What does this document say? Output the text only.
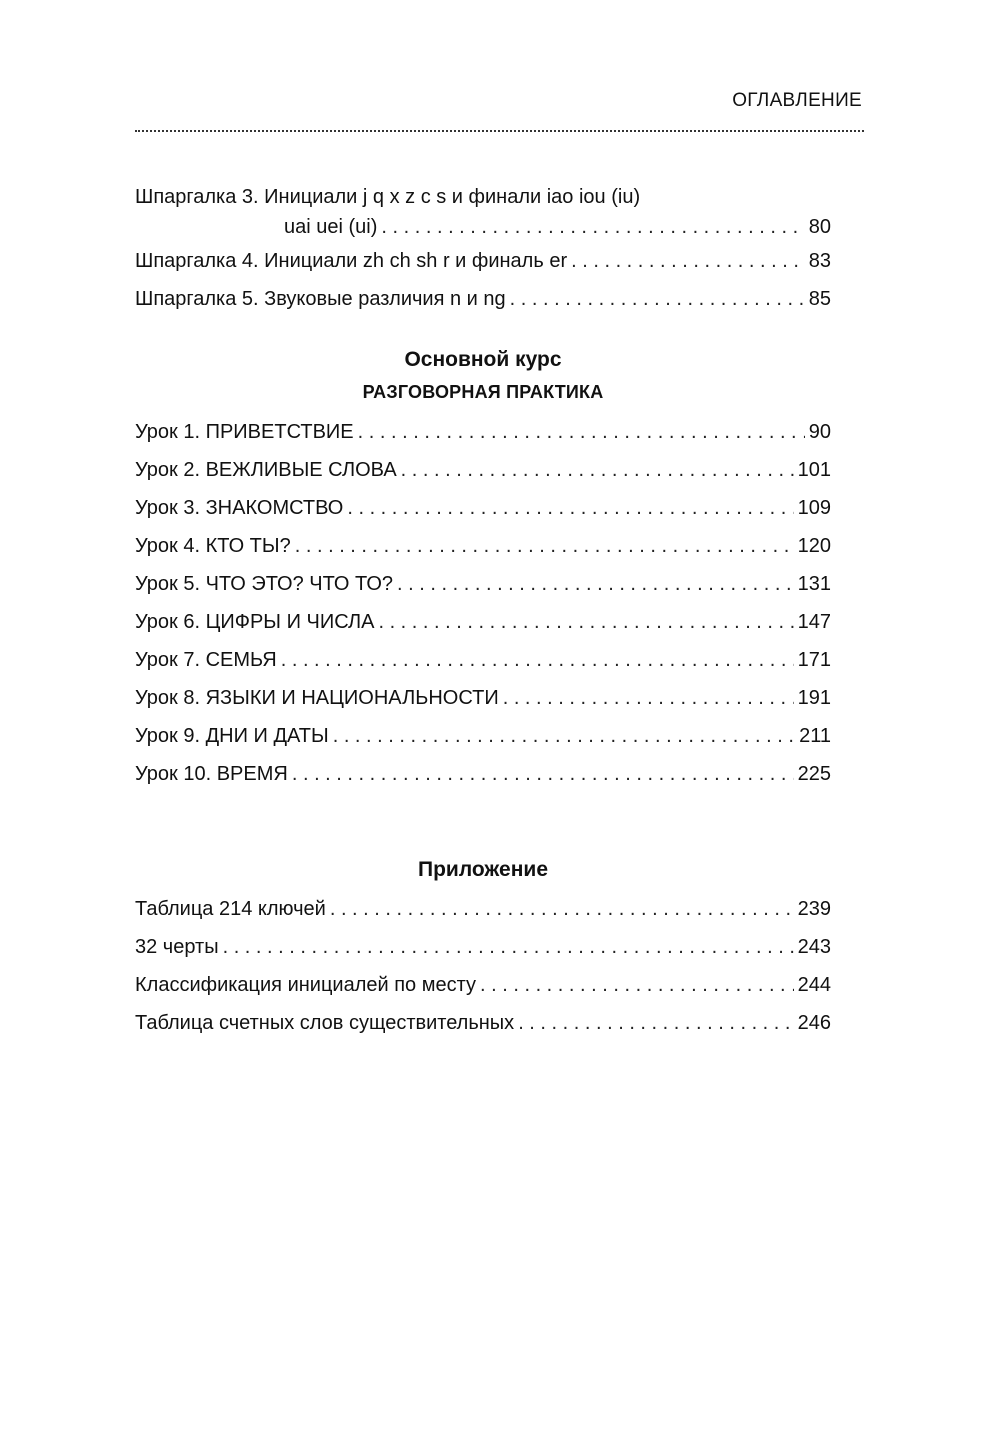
ОГЛАВЛЕНИЕ
Шпаргалка 3. Инициали j q x z c s и финали iao iou (iu)
uai uei (ui) . . .	80
Шпаргалка 4. Инициали zh ch sh r и финаль er . . .	83
Шпаргалка 5. Звуковые различия n и ng . . .	85
Основной курс
РАЗГОВОРНАЯ ПРАКТИКА
Урок 1. ПРИВЕТСТВИЕ . . .	90
Урок 2. ВЕЖЛИВЫЕ СЛОВА . . .	101
Урок 3. ЗНАКОМСТВО . . .	109
Урок 4. КТО ТЫ? . . .	120
Урок 5. ЧТО ЭТО? ЧТО ТО? . . .	131
Урок 6. ЦИФРЫ И ЧИСЛА . . .	147
Урок 7. СЕМЬЯ . . .	171
Урок 8. ЯЗЫКИ И НАЦИОНАЛЬНОСТИ . . .	191
Урок 9. ДНИ И ДАТЫ . . .	211
Урок 10. ВРЕМЯ . . .	225
Приложение
Таблица 214 ключей . . .	239
32 черты . . .	243
Классификация инициалей по месту . . .	244
Таблица счетных слов существительных . . .	246
